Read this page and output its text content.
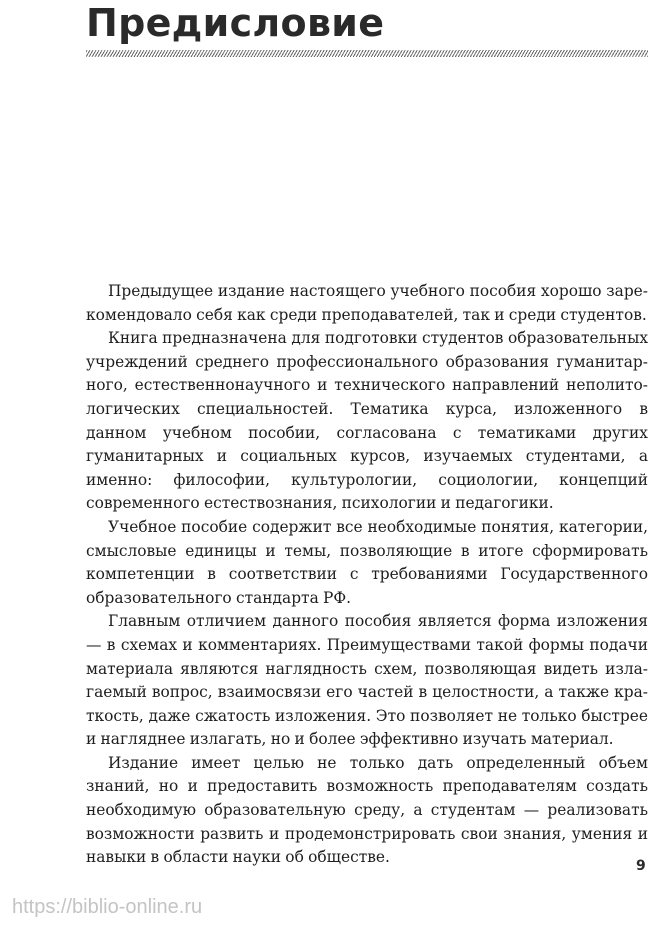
Предисловие

Предыдущее издание настоящего учебного пособия хорошо зарекомендовало себя как среди преподавателей, так и среди студентов.

Книга предназначена для подготовки студентов образовательных учреждений среднего профессионального образования гуманитарного, естественнонаучного и технического направлений неполитологических специальностей. Тематика курса, изложенного в данном учебном пособии, согласована с тематиками других гуманитарных и социальных курсов, изучаемых студентами, а именно: философии, культурологии, социологии, концепций современного естествознания, психологии и педагогики.

Учебное пособие содержит все необходимые понятия, категории, смысловые единицы и темы, позволяющие в итоге сформировать компетенции в соответствии с требованиями Государственного образовательного стандарта РФ.

Главным отличием данного пособия является форма изложения — в схемах и комментариях. Преимуществами такой формы подачи материала являются наглядность схем, позволяющая видеть излагаемый вопрос, взаимосвязи его частей в целостности, а также краткость, даже сжатость изложения. Это позволяет не только быстрее и нагляднее излагать, но и более эффективно изучать материал.

Издание имеет целью не только дать определенный объем знаний, но и предоставить возможность преподавателям создать необходимую образовательную среду, а студентам — реализовать возможности развить и продемонстрировать свои знания, умения и навыки в области науки об обществе.	9
https://biblio-online.ru
